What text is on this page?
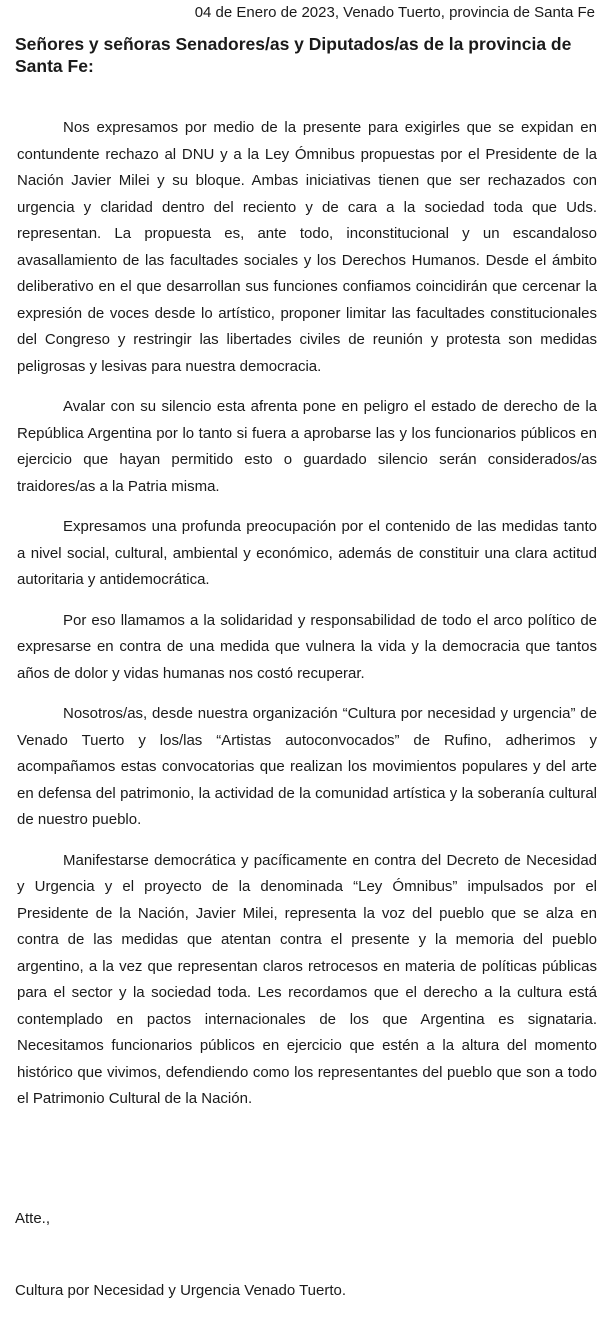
04 de Enero de 2023, Venado Tuerto, provincia de Santa Fe
Señores y señoras Senadores/as y Diputados/as de la provincia de Santa Fe:

Nos expresamos por medio de la presente para exigirles que se expidan en contundente rechazo al DNU y a la Ley Ómnibus propuestas por el Presidente de la Nación Javier Milei y su bloque. Ambas iniciativas tienen que ser rechazados con urgencia y claridad dentro del reciento y de cara a la sociedad toda que Uds. representan. La propuesta es, ante todo, inconstitucional y un escandaloso avasallamiento de las facultades sociales y los Derechos Humanos. Desde el ámbito deliberativo en el que desarrollan sus funciones confiamos coincidirán que cercenar la expresión de voces desde lo artístico, proponer limitar las facultades constitucionales del Congreso y restringir las libertades civiles de reunión y protesta son medidas peligrosas y lesivas para nuestra democracia.

Avalar con su silencio esta afrenta pone en peligro el estado de derecho de la República Argentina por lo tanto si fuera a aprobarse las y los funcionarios públicos en ejercicio que hayan permitido esto o guardado silencio serán considerados/as traidores/as a la Patria misma.

Expresamos una profunda preocupación por el contenido de las medidas tanto a nivel social, cultural, ambiental y económico, además de constituir una clara actitud autoritaria y antidemocrática.

Por eso llamamos a la solidaridad y responsabilidad de todo el arco político de expresarse en contra de una medida que vulnera la vida y la democracia que tantos años de dolor y vidas humanas nos costó recuperar.

Nosotros/as, desde nuestra organización “Cultura por necesidad y urgencia” de Venado Tuerto y los/las “Artistas autoconvocados” de Rufino, adherimos y acompañamos estas convocatorias que realizan los movimientos populares y del arte en defensa del patrimonio, la actividad de la comunidad artística y la soberanía cultural de nuestro pueblo.

Manifestarse democrática y pacíficamente en contra del Decreto de Necesidad y Urgencia y el proyecto de la denominada “Ley Ómnibus” impulsados por el Presidente de la Nación, Javier Milei, representa la voz del pueblo que se alza en contra de las medidas que atentan contra el presente y la memoria del pueblo argentino, a la vez que representan claros retrocesos en materia de políticas públicas para el sector y la sociedad toda. Les recordamos que el derecho a la cultura está contemplado en pactos internacionales de los que Argentina es signataria. Necesitamos funcionarios públicos en ejercicio que estén a la altura del momento histórico que vivimos, defendiendo como los representantes del pueblo que son a todo el Patrimonio Cultural de la Nación.

Atte.,
Cultura por Necesidad y Urgencia Venado Tuerto.
